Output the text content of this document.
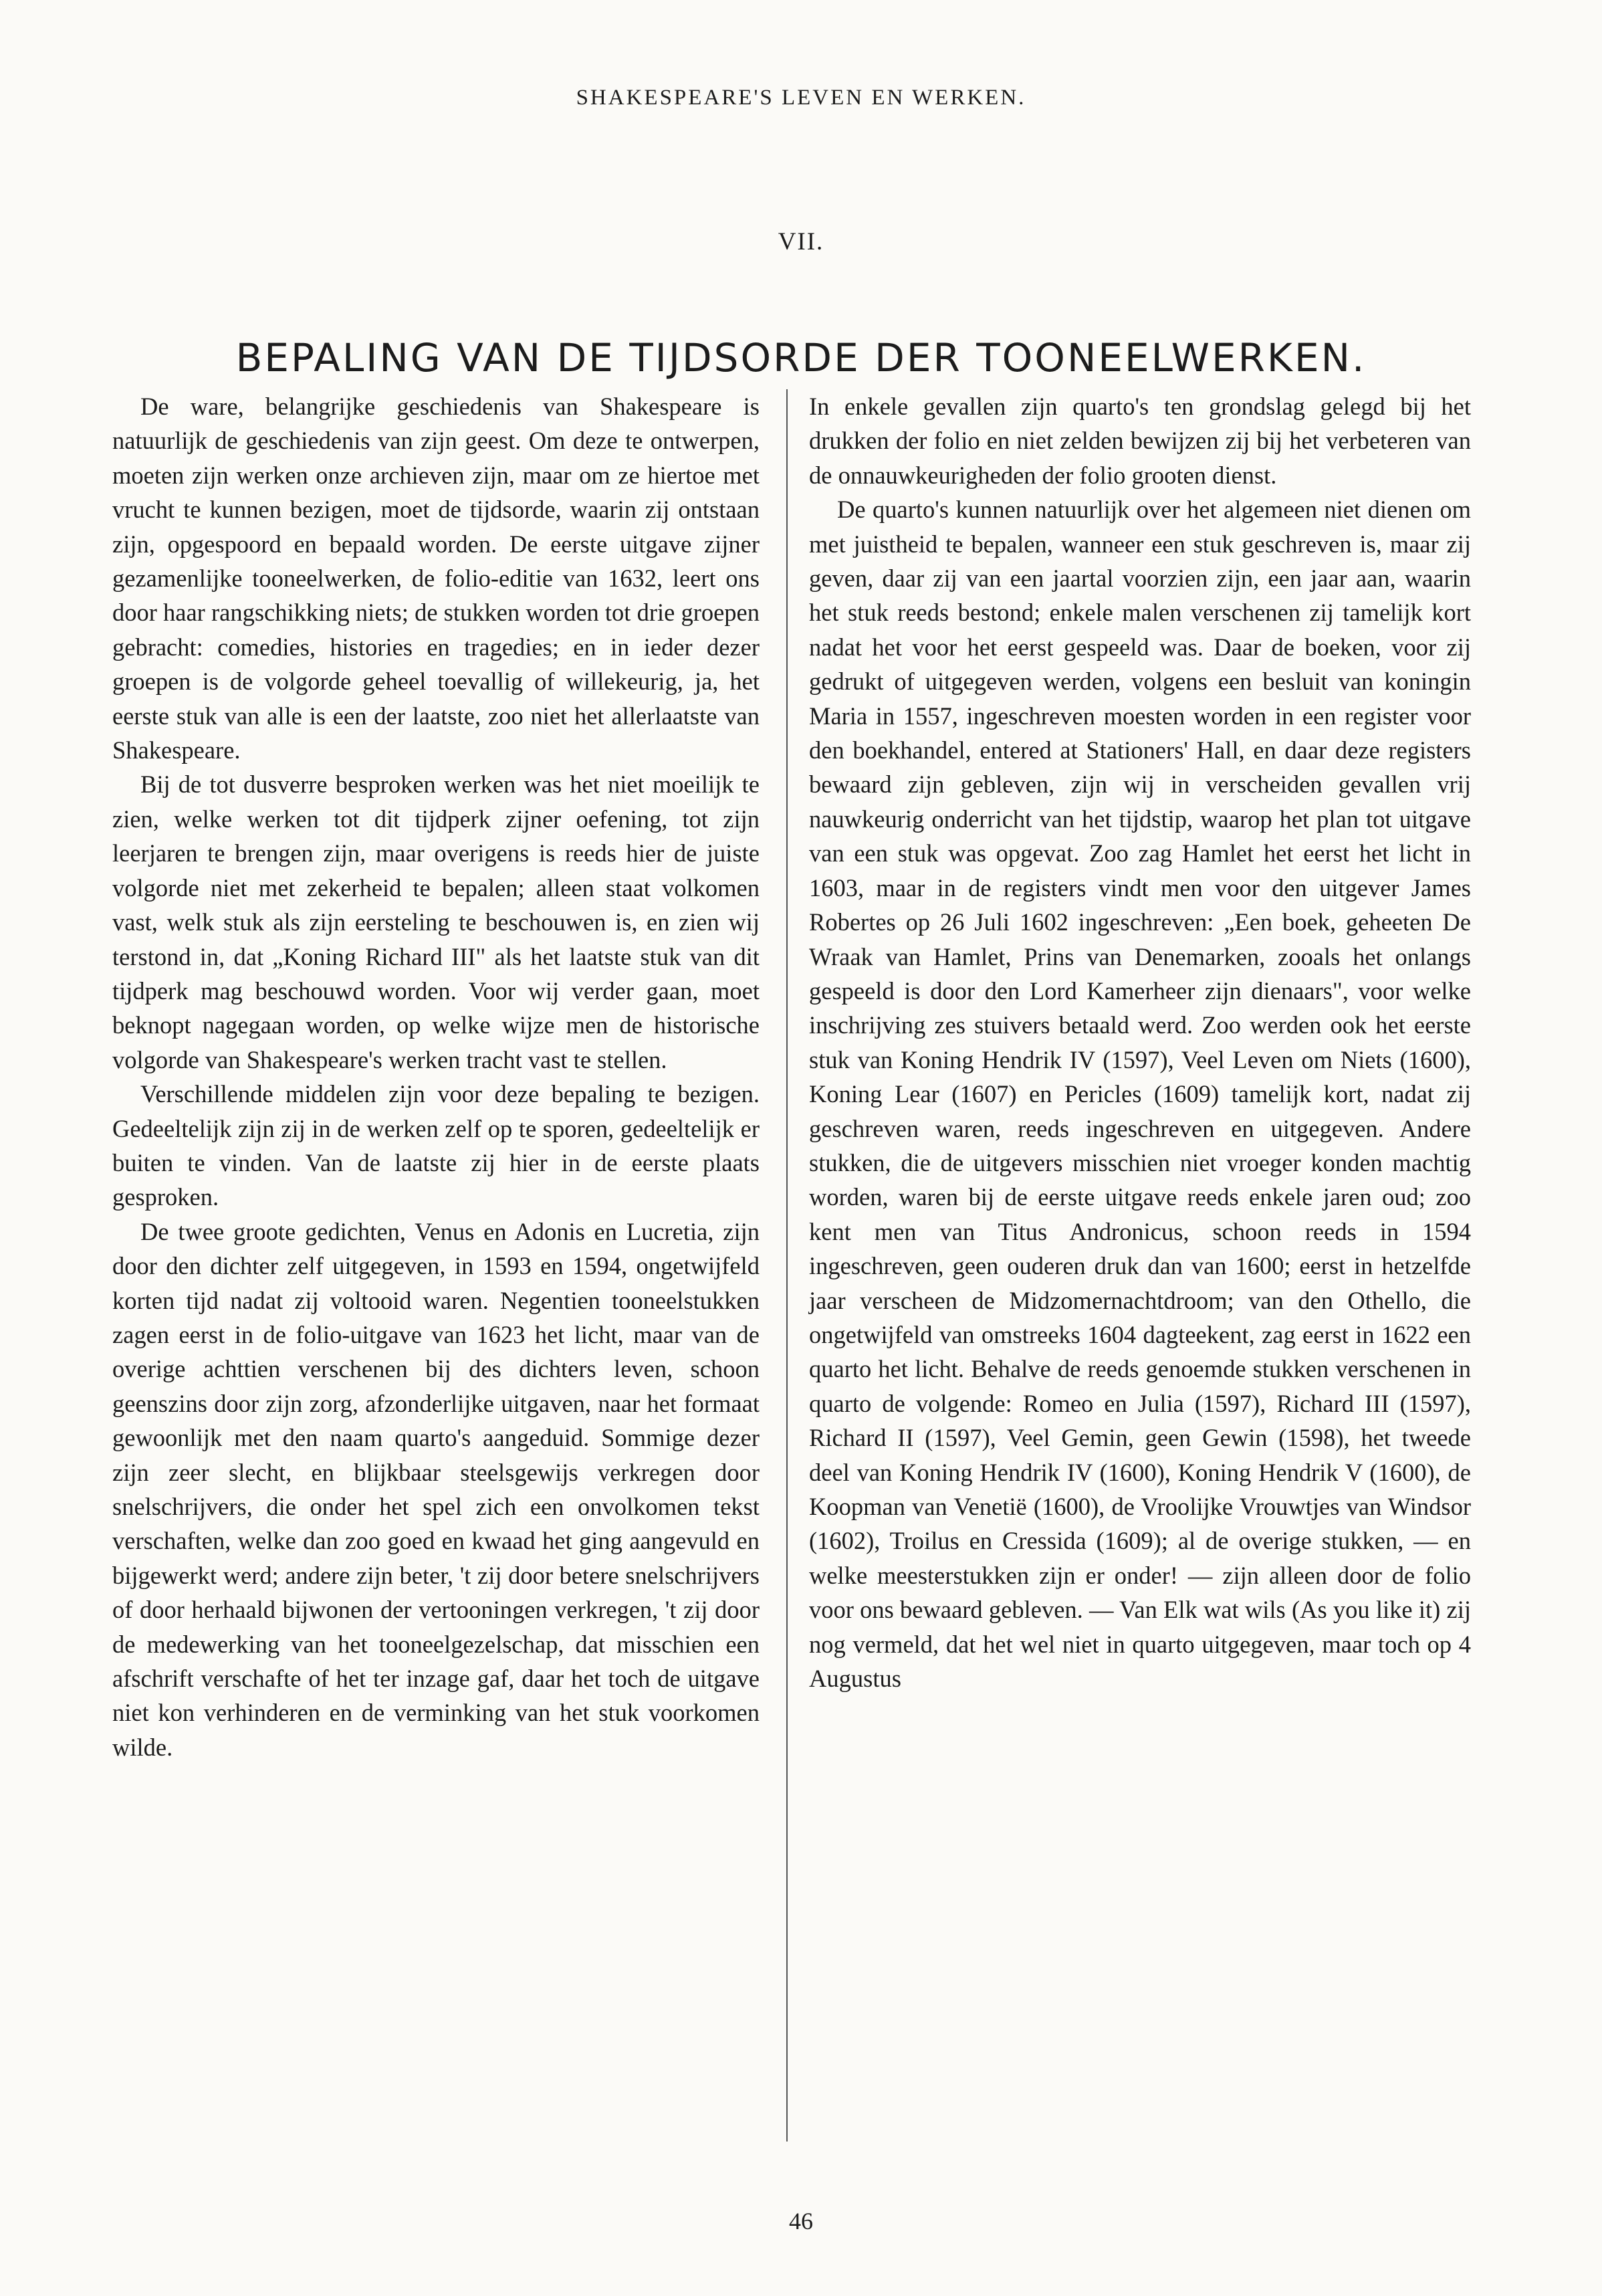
SHAKESPEARE'S LEVEN EN WERKEN.
VII.
BEPALING VAN DE TIJDSORDE DER TOONEELWERKEN.

De ware, belangrijke geschiedenis van Shakespeare is natuurlijk de geschiedenis van zijn geest. Om deze te ontwerpen, moeten zijn werken onze archieven zijn, maar om ze hiertoe met vrucht te kunnen bezigen, moet de tijdsorde, waarin zij ontstaan zijn, opgespoord en bepaald worden. De eerste uitgave zijner gezamenlijke tooneelwerken, de folio-editie van 1632, leert ons door haar rangschikking niets; de stukken worden tot drie groepen gebracht: comedies, histories en tragedies; en in ieder dezer groepen is de volgorde geheel toevallig of willekeurig, ja, het eerste stuk van alle is een der laatste, zoo niet het allerlaatste van Shakespeare.

Bij de tot dusverre besproken werken was het niet moeilijk te zien, welke werken tot dit tijdperk zijner oefening, tot zijn leerjaren te brengen zijn, maar overigens is reeds hier de juiste volgorde niet met zekerheid te bepalen; alleen staat volkomen vast, welk stuk als zijn eersteling te beschouwen is, en zien wij terstond in, dat „Koning Richard III" als het laatste stuk van dit tijdperk mag beschouwd worden. Voor wij verder gaan, moet beknopt nagegaan worden, op welke wijze men de historische volgorde van Shakespeare's werken tracht vast te stellen.

Verschillende middelen zijn voor deze bepaling te bezigen. Gedeeltelijk zijn zij in de werken zelf op te sporen, gedeeltelijk er buiten te vinden. Van de laatste zij hier in de eerste plaats gesproken.

De twee groote gedichten, Venus en Adonis en Lucretia, zijn door den dichter zelf uitgegeven, in 1593 en 1594, ongetwijfeld korten tijd nadat zij voltooid waren. Negentien tooneelstukken zagen eerst in de folio-uitgave van 1623 het licht, maar van de overige achttien verschenen bij des dichters leven, schoon geenszins door zijn zorg, afzonderlijke uitgaven, naar het formaat gewoonlijk met den naam quarto's aangeduid. Sommige dezer zijn zeer slecht, en blijkbaar steelsgewijs verkregen door snelschrijvers, die onder het spel zich een onvolkomen tekst verschaften, welke dan zoo goed en kwaad het ging aangevuld en bijgewerkt werd; andere zijn beter, 't zij door betere snelschrijvers of door herhaald bijwonen der vertooningen verkregen, 't zij door de medewerking van het tooneelgezelschap, dat misschien een afschrift verschafte of het ter inzage gaf, daar het toch de uitgave niet kon verhinderen en de verminking van het stuk voorkomen wilde.

In enkele gevallen zijn quarto's ten grondslag gelegd bij het drukken der folio en niet zelden bewijzen zij bij het verbeteren van de onnauwkeurigheden der folio grooten dienst.

De quarto's kunnen natuurlijk over het algemeen niet dienen om met juistheid te bepalen, wanneer een stuk geschreven is, maar zij geven, daar zij van een jaartal voorzien zijn, een jaar aan, waarin het stuk reeds bestond; enkele malen verschenen zij tamelijk kort nadat het voor het eerst gespeeld was. Daar de boeken, voor zij gedrukt of uitgegeven werden, volgens een besluit van koningin Maria in 1557, ingeschreven moesten worden in een register voor den boekhandel, entered at Stationers' Hall, en daar deze registers bewaard zijn gebleven, zijn wij in verscheiden gevallen vrij nauwkeurig onderricht van het tijdstip, waarop het plan tot uitgave van een stuk was opgevat. Zoo zag Hamlet het eerst het licht in 1603, maar in de registers vindt men voor den uitgever James Robertes op 26 Juli 1602 ingeschreven: „Een boek, geheeten De Wraak van Hamlet, Prins van Denemarken, zooals het onlangs gespeeld is door den Lord Kamerheer zijn dienaars", voor welke inschrijving zes stuivers betaald werd. Zoo werden ook het eerste stuk van Koning Hendrik IV (1597), Veel Leven om Niets (1600), Koning Lear (1607) en Pericles (1609) tamelijk kort, nadat zij geschreven waren, reeds ingeschreven en uitgegeven. Andere stukken, die de uitgevers misschien niet vroeger konden machtig worden, waren bij de eerste uitgave reeds enkele jaren oud; zoo kent men van Titus Andronicus, schoon reeds in 1594 ingeschreven, geen ouderen druk dan van 1600; eerst in hetzelfde jaar verscheen de Midzomernachtdroom; van den Othello, die ongetwijfeld van omstreeks 1604 dagteekent, zag eerst in 1622 een quarto het licht. Behalve de reeds genoemde stukken verschenen in quarto de volgende: Romeo en Julia (1597), Richard III (1597), Richard II (1597), Veel Gemin, geen Gewin (1598), het tweede deel van Koning Hendrik IV (1600), Koning Hendrik V (1600), de Koopman van Venetië (1600), de Vroolijke Vrouwtjes van Windsor (1602), Troilus en Cressida (1609); al de overige stukken, — en welke meesterstukken zijn er onder! — zijn alleen door de folio voor ons bewaard gebleven. — Van Elk wat wils (As you like it) zij nog vermeld, dat het wel niet in quarto uitgegeven, maar toch op 4 Augustus

46
